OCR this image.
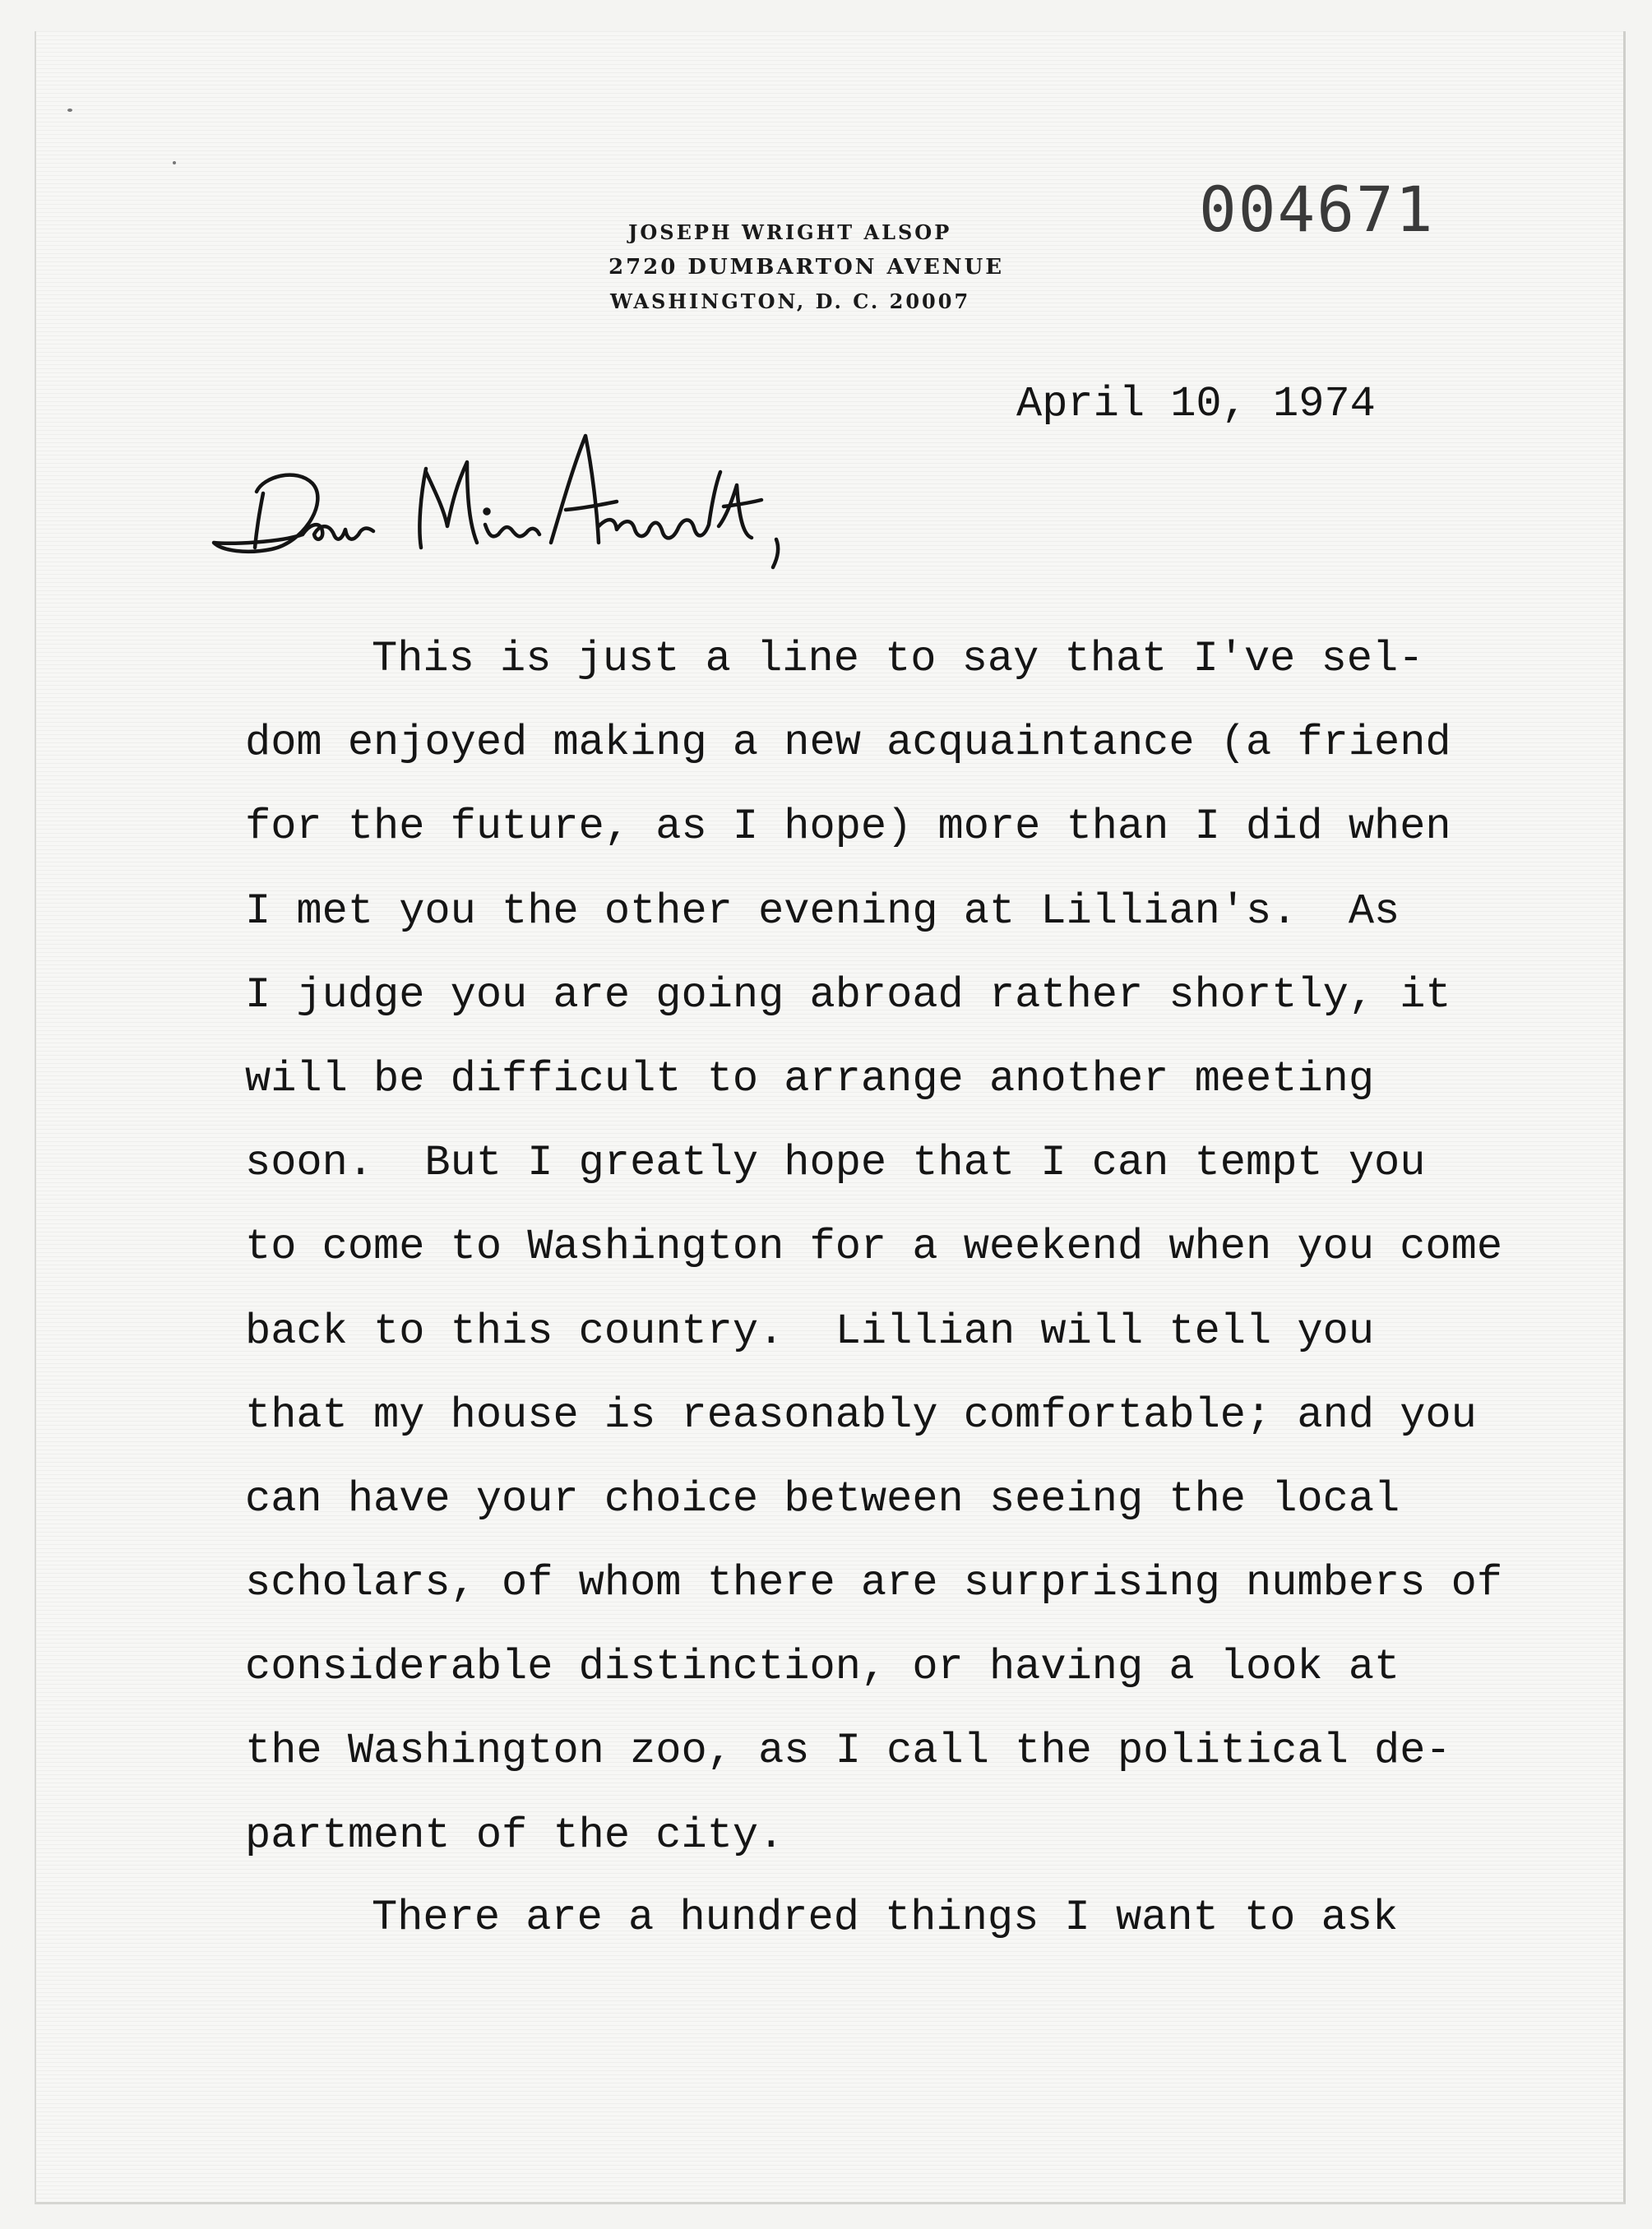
JOSEPH WRIGHT ALSOP
2720 DUMBARTON AVENUE
WASHINGTON, D. C. 20007
004671
April 10, 1974
This is just a line to say that I've sel-
dom enjoyed making a new acquaintance (a friend
for the future, as I hope) more than I did when
I met you the other evening at Lillian's.  As
I judge you are going abroad rather shortly, it
will be difficult to arrange another meeting
soon.  But I greatly hope that I can tempt you
to come to Washington for a weekend when you come
back to this country.  Lillian will tell you
that my house is reasonably comfortable; and you
can have your choice between seeing the local
scholars, of whom there are surprising numbers of
considerable distinction, or having a look at
the Washington zoo, as I call the political de-
partment of the city.
There are a hundred things I want to ask
